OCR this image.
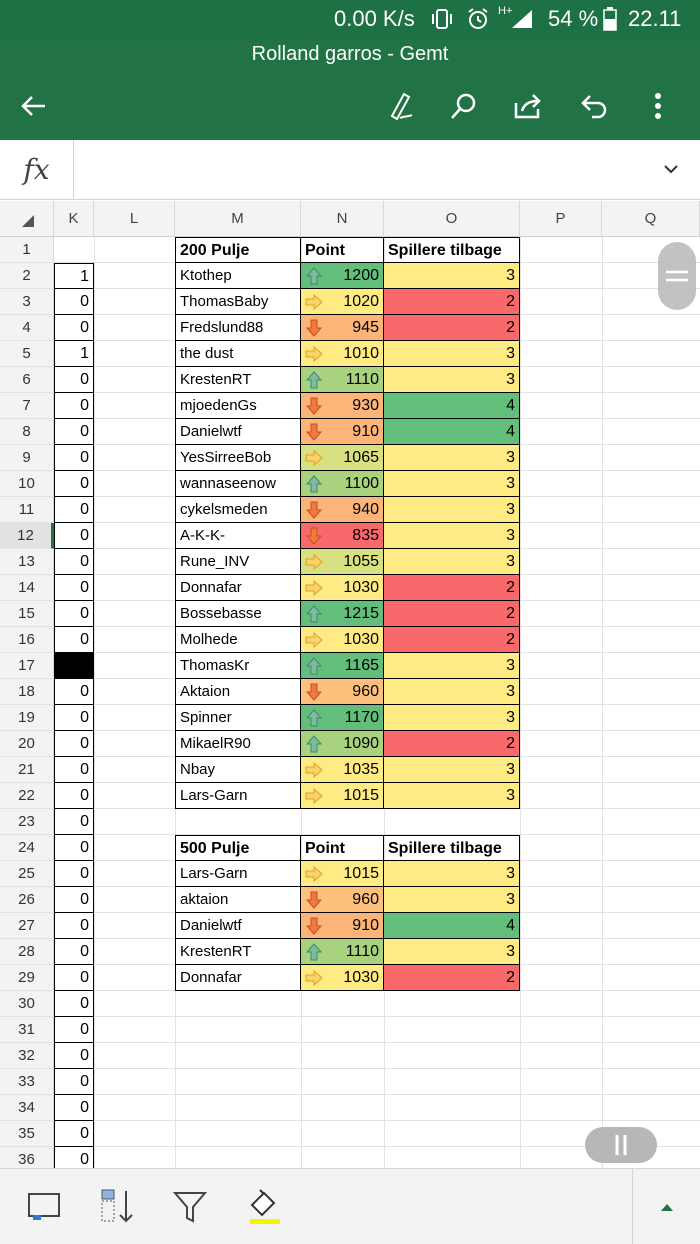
0.00 K/s	H+ 54 % 22.11
Rolland garros - Gemt
fx
K	L	M	N	O	P	Q
1
2	1
3	0
4	0
5	1
6	0
7	0
8	0
9	0
10	0
11	0
12	0
13	0
14	0
15	0
16	0
17
18	0
19	0
20	0
21	0
22	0
23	0
24	0
25	0
26	0
27	0
28	0
29	0
30	0
31	0
32	0
33	0
34	0
35	0
36	0
200 Pulje	Point	Spillere tilbage
Ktothep	1200	3
ThomasBaby	1020	2
Fredslund88	945	2
the dust	1010	3
KrestenRT	1110	3
mjoedenGs	930	4
Danielwtf	910	4
YesSirreeBob	1065	3
wannaseenow	1100	3
cykelsmeden	940	3
A-K-K-	835	3
Rune_INV	1055	3
Donnafar	1030	2
Bossebasse	1215	2
Molhede	1030	2
ThomasKr	1165	3
Aktaion	960	3
Spinner	1170	3
MikaelR90	1090	2
Nbay	1035	3
Lars-Garn	1015	3
500 Pulje	Point	Spillere tilbage
Lars-Garn	1015	3
aktaion	960	3
Danielwtf	910	4
KrestenRT	1110	3
Donnafar	1030	2
